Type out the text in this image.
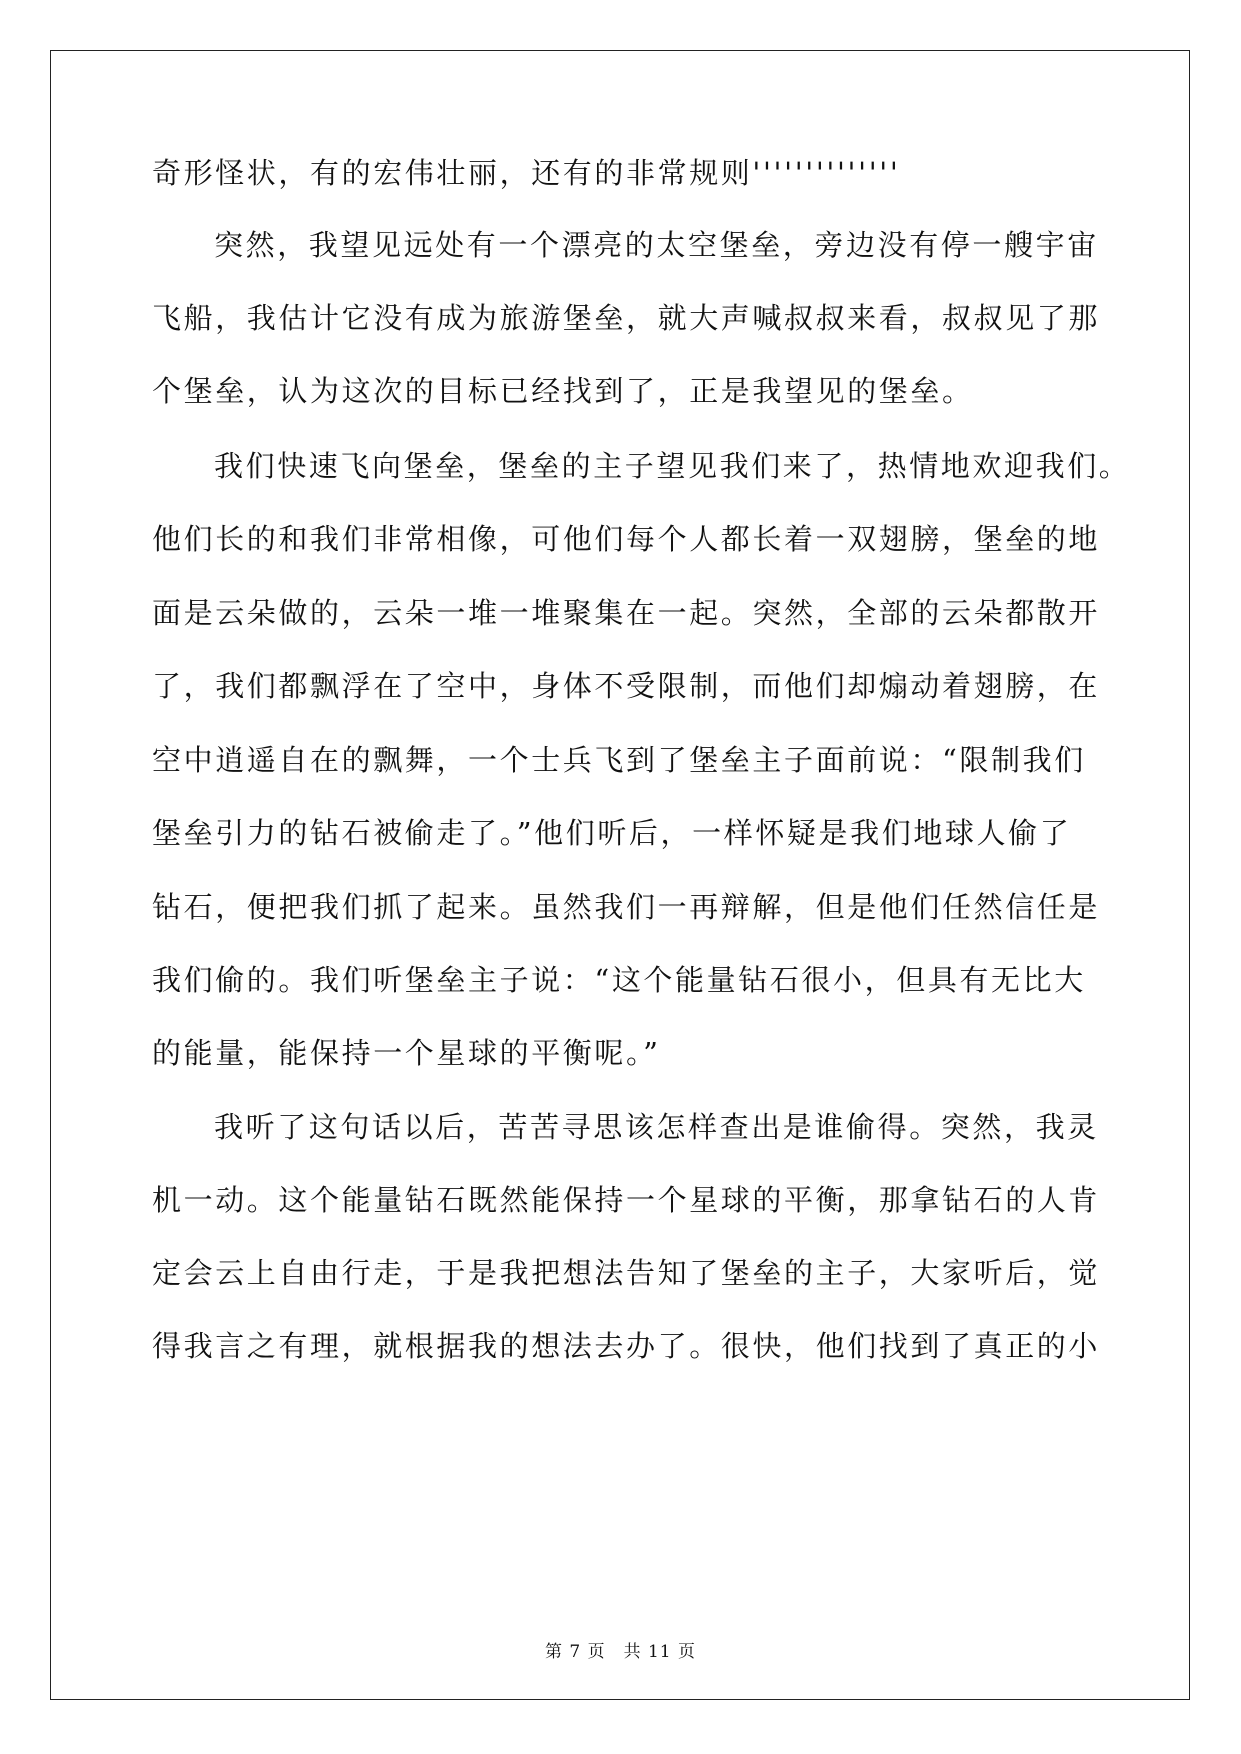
奇形怪状，有的宏伟壮丽，还有的非常规则''''''''''''''
突然，我望见远处有一个漂亮的太空堡垒，旁边没有停一艘宇宙
飞船，我估计它没有成为旅游堡垒，就大声喊叔叔来看，叔叔见了那
个堡垒，认为这次的目标已经找到了，正是我望见的堡垒。
我们快速飞向堡垒，堡垒的主子望见我们来了，热情地欢迎我们。
他们长的和我们非常相像，可他们每个人都长着一双翅膀，堡垒的地
面是云朵做的，云朵一堆一堆聚集在一起。突然，全部的云朵都散开
了，我们都飘浮在了空中，身体不受限制，而他们却煽动着翅膀，在
空中逍遥自在的飘舞，一个士兵飞到了堡垒主子面前说：“限制我们
堡垒引力的钻石被偷走了。”他们听后，一样怀疑是我们地球人偷了
钻石，便把我们抓了起来。虽然我们一再辩解，但是他们任然信任是
我们偷的。我们听堡垒主子说：“这个能量钻石很小，但具有无比大
的能量，能保持一个星球的平衡呢。”
我听了这句话以后，苦苦寻思该怎样查出是谁偷得。突然，我灵
机一动。这个能量钻石既然能保持一个星球的平衡，那拿钻石的人肯
定会云上自由行走，于是我把想法告知了堡垒的主子，大家听后，觉
得我言之有理，就根据我的想法去办了。很快，他们找到了真正的小
第 7 页 共 11 页
